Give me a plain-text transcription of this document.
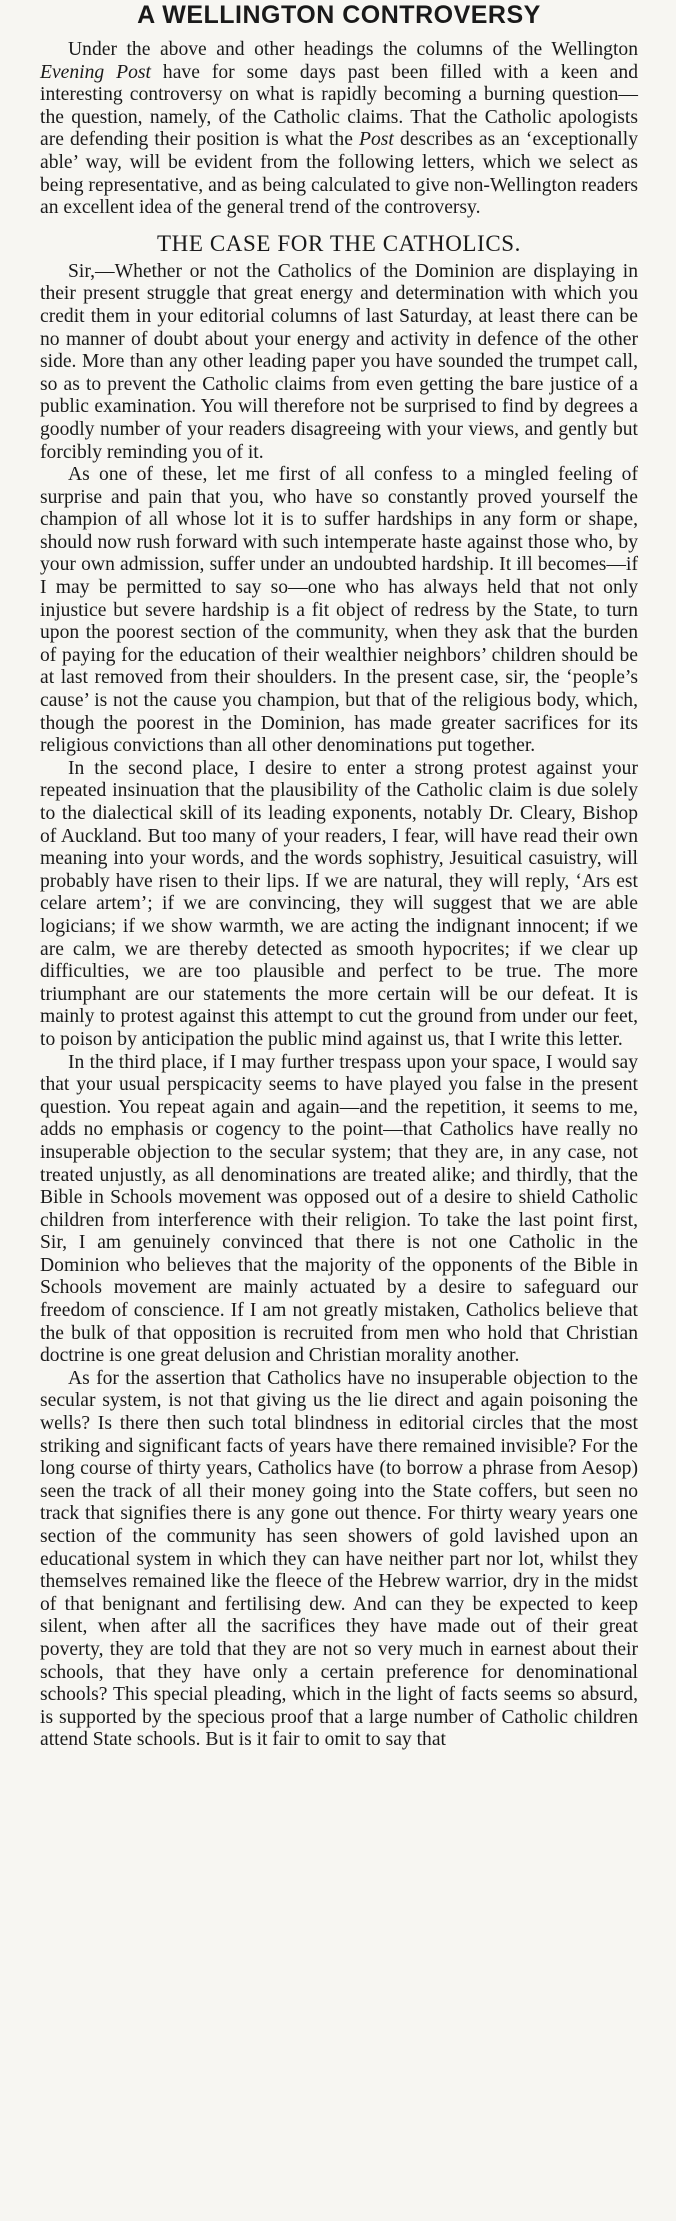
A WELLINGTON CONTROVERSY

Under the above and other headings the columns of the Wellington Evening Post have for some days past been filled with a keen and interesting controversy on what is rapidly becoming a burning question—the question, namely, of the Catholic claims. That the Catholic apologists are defending their position is what the Post describes as an ‘exceptionally able’ way, will be evident from the following letters, which we select as being representative, and as being calculated to give non-Wellington readers an excellent idea of the general trend of the controversy.

THE CASE FOR THE CATHOLICS.

Sir,—Whether or not the Catholics of the Dominion are displaying in their present struggle that great energy and determination with which you credit them in your editorial columns of last Saturday, at least there can be no manner of doubt about your energy and activity in defence of the other side. More than any other leading paper you have sounded the trumpet call, so as to prevent the Catholic claims from even getting the bare justice of a public examination. You will therefore not be surprised to find by degrees a goodly number of your readers disagreeing with your views, and gently but forcibly reminding you of it.

As one of these, let me first of all confess to a mingled feeling of surprise and pain that you, who have so constantly proved yourself the champion of all whose lot it is to suffer hardships in any form or shape, should now rush forward with such intemperate haste against those who, by your own admission, suffer under an undoubted hardship. It ill becomes—if I may be permitted to say so—one who has always held that not only injustice but severe hardship is a fit object of redress by the State, to turn upon the poorest section of the community, when they ask that the burden of paying for the education of their wealthier neighbors’ children should be at last removed from their shoulders. In the present case, sir, the ‘people’s cause’ is not the cause you champion, but that of the religious body, which, though the poorest in the Dominion, has made greater sacrifices for its religious convictions than all other denominations put together.

In the second place, I desire to enter a strong protest against your repeated insinuation that the plausibility of the Catholic claim is due solely to the dialectical skill of its leading exponents, notably Dr. Cleary, Bishop of Auckland. But too many of your readers, I fear, will have read their own meaning into your words, and the words sophistry, Jesuitical casuistry, will probably have risen to their lips. If we are natural, they will reply, ‘Ars est celare artem’; if we are convincing, they will suggest that we are able logicians; if we show warmth, we are acting the indignant innocent; if we are calm, we are thereby detected as smooth hypocrites; if we clear up difficulties, we are too plausible and perfect to be true. The more triumphant are our statements the more certain will be our defeat. It is mainly to protest against this attempt to cut the ground from under our feet, to poison by anticipation the public mind against us, that I write this letter.

In the third place, if I may further trespass upon your space, I would say that your usual perspicacity seems to have played you false in the present question. You repeat again and again—and the repetition, it seems to me, adds no emphasis or cogency to the point—that Catholics have really no insuperable objection to the secular system; that they are, in any case, not treated unjustly, as all denominations are treated alike; and thirdly, that the Bible in Schools movement was opposed out of a desire to shield Catholic children from interference with their religion. To take the last point first, Sir, I am genuinely convinced that there is not one Catholic in the Dominion who believes that the majority of the opponents of the Bible in Schools movement are mainly actuated by a desire to safeguard our freedom of conscience. If I am not greatly mistaken, Catholics believe that the bulk of that opposition is recruited from men who hold that Christian doctrine is one great delusion and Christian morality another.

As for the assertion that Catholics have no insuperable objection to the secular system, is not that giving us the lie direct and again poisoning the wells? Is there then such total blindness in editorial circles that the most striking and significant facts of years have there remained invisible? For the long course of thirty years, Catholics have (to borrow a phrase from Aesop) seen the track of all their money going into the State coffers, but seen no track that signifies there is any gone out thence. For thirty weary years one section of the community has seen showers of gold lavished upon an educational system in which they can have neither part nor lot, whilst they themselves remained like the fleece of the Hebrew warrior, dry in the midst of that benignant and fertilising dew. And can they be expected to keep silent, when after all the sacrifices they have made out of their great poverty, they are told that they are not so very much in earnest about their schools, that they have only a certain preference for denominational schools? This special pleading, which in the light of facts seems so absurd, is supported by the specious proof that a large number of Catholic children attend State schools. But is it fair to omit to say that
